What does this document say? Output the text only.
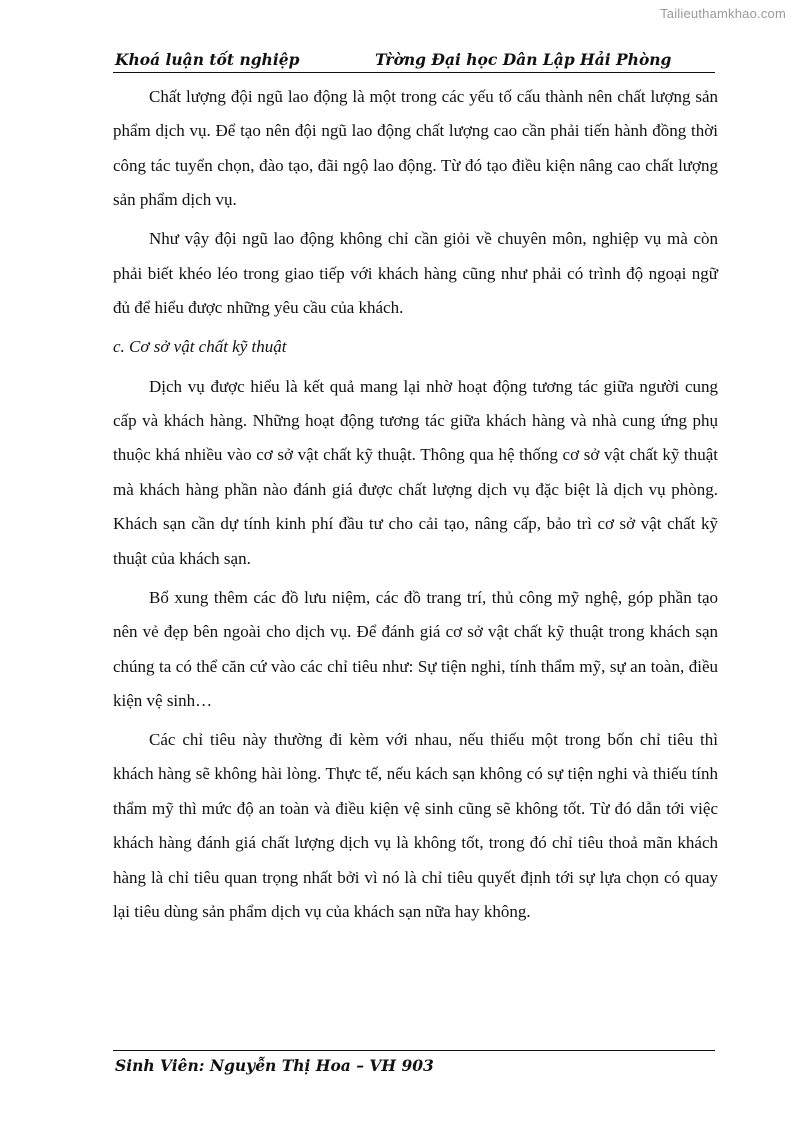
Tailieuthamkhao.com
Khoá luận tốt nghiệp	Tr̀ờng Đại học Dân Lập Hải Phòng

Chất lượng đội ngũ lao động là một trong các yếu tố cấu thành nên chất lượng sản phẩm dịch vụ. Để tạo nên đội ngũ lao động chất lượng cao cần phải tiến hành đồng thời công tác tuyển chọn, đào tạo, đãi ngộ lao động. Từ đó tạo điều kiện nâng cao chất lượng sản phẩm dịch vụ.

Như vậy đội ngũ lao động không chỉ cần giỏi về chuyên môn, nghiệp vụ mà còn phải biết khéo léo trong giao tiếp với khách hàng cũng như phải có trình độ ngoại ngữ đủ để hiểu được những yêu cầu của khách.

c. Cơ sở vật chất kỹ thuật

Dịch vụ được hiểu là kết quả mang lại nhờ hoạt động tương tác giữa người cung cấp và khách hàng. Những hoạt động tương tác giữa khách hàng và nhà cung ứng phụ thuộc khá nhiều vào cơ sở vật chất kỹ thuật. Thông qua hệ thống cơ sở vật chất kỹ thuật mà khách hàng phần nào đánh giá được chất lượng dịch vụ đặc biệt là dịch vụ phòng. Khách sạn cần dự tính kinh phí đầu tư cho cải tạo, nâng cấp, bảo trì cơ sở vật chất kỹ thuật của khách sạn.

Bổ xung thêm các đồ lưu niệm, các đồ trang trí, thủ công mỹ nghệ, góp phần tạo nên vẻ đẹp bên ngoài cho dịch vụ. Để đánh giá cơ sở vật chất kỹ thuật trong khách sạn chúng ta có thể căn cứ vào các chỉ tiêu như: Sự tiện nghi, tính thẩm mỹ, sự an toàn, điều kiện vệ sinh…

Các chỉ tiêu này thường đi kèm với nhau, nếu thiếu một trong bốn chỉ tiêu thì khách hàng sẽ không hài lòng. Thực tế, nếu kách sạn không có sự tiện nghi và thiếu tính thẩm mỹ thì mức độ an toàn và điều kiện vệ sinh cũng sẽ không tốt. Từ đó dẫn tới việc khách hàng đánh giá chất lượng dịch vụ là không tốt, trong đó chỉ tiêu thoả mãn khách hàng là chỉ tiêu quan trọng nhất bởi vì nó là chỉ tiêu quyết định tới sự lựa chọn có quay lại tiêu dùng sản phẩm dịch vụ của khách sạn nữa hay không.

Sinh Viên: Nguyễn Thị Hoa – VH 903
